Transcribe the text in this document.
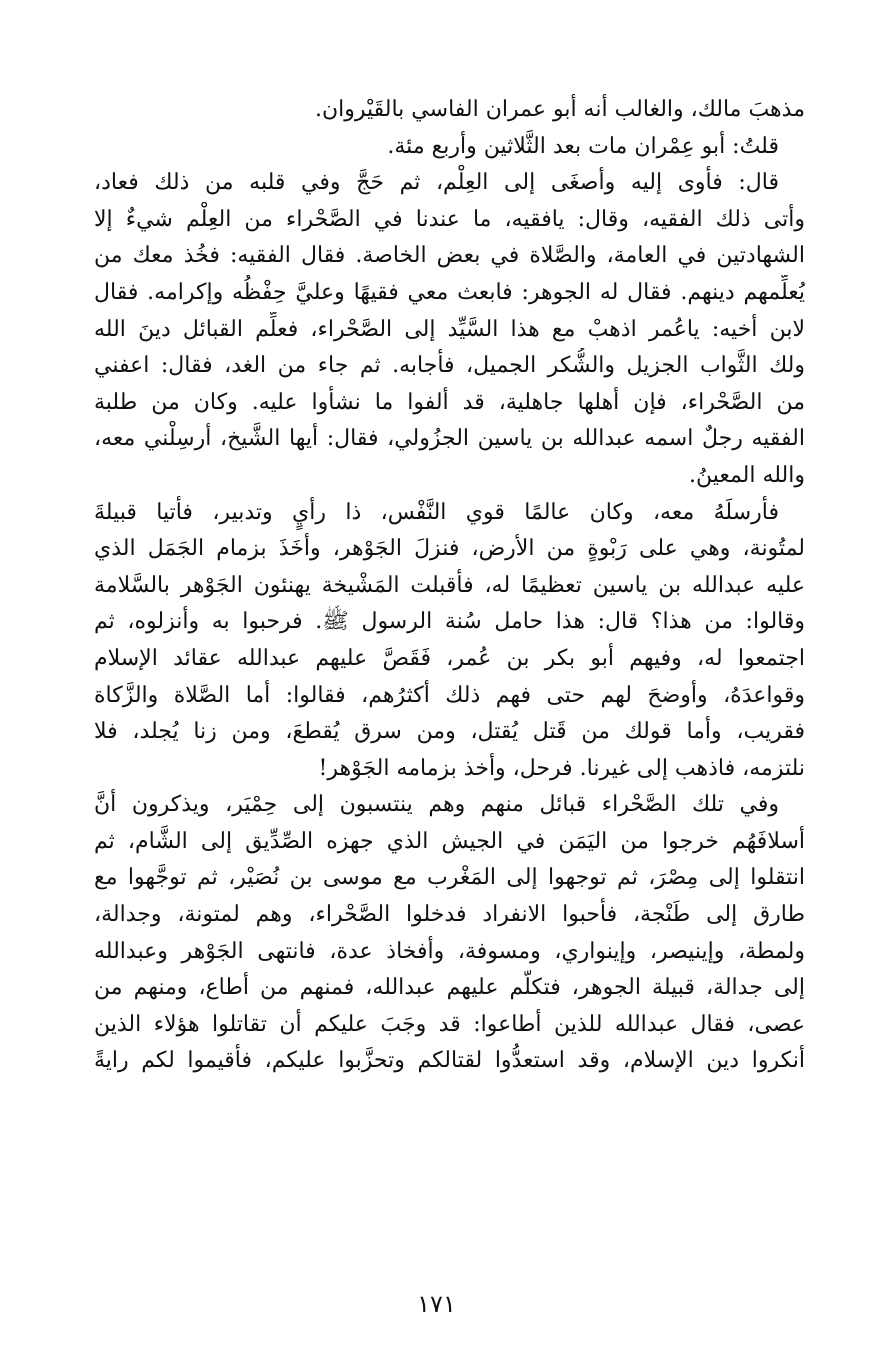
مذهبَ مالك، والغالب أنه أبو عمران الفاسي بالقَيْروان.
قلتُ: أبو عِمْران مات بعد الثَّلاثين وأربع مئة.
قال: فأوى إليه وأصغَى إلى العِلْم، ثم حَجَّ وفي قلبه من ذلك فعاد،
وأتى ذلك الفقيه، وقال: يافقيه، ما عندنا في الصَّحْراء من العِلْم شيءٌ إلا
الشهادتين في العامة، والصَّلاة في بعض الخاصة. فقال الفقيه: فخُذ معك من
يُعلِّمهم دينهم. فقال له الجوهر: فابعث معي فقيهًا وعليَّ حِفْظُه وإكرامه. فقال
لابن أخيه: ياعُمر اذهبْ مع هذا السَّيِّد إلى الصَّحْراء، فعلِّم القبائل دينَ الله
ولك الثَّواب الجزيل والشُّكر الجميل، فأجابه. ثم جاء من الغد، فقال: اعفني
من الصَّحْراء، فإن أهلها جاهلية، قد ألفوا ما نشأوا عليه. وكان من طلبة
الفقيه رجلٌ اسمه عبدالله بن ياسين الجزُولي، فقال: أيها الشَّيخ، أرسِلْني معه،
والله المعينُ.
فأرسلَهُ معه، وكان عالمًا قوي النَّفْس، ذا رأيٍ وتدبير، فأتيا قبيلةَ
لمتُونة، وهي على رَبْوةٍ من الأرض، فنزلَ الجَوْهر، وأخَذَ بزمام الجَمَل الذي
عليه عبدالله بن ياسين تعظيمًا له، فأقبلت المَشْيخة يهنئون الجَوْهر بالسَّلامة
وقالوا: من هذا؟ قال: هذا حامل سُنة الرسول ﷺ. فرحبوا به وأنزلوه، ثم
اجتمعوا له، وفيهم أبو بكر بن عُمر، فَقَصَّ عليهم عبدالله عقائد الإسلام
وقواعدَهُ، وأوضحَ لهم حتى فهم ذلك أكثرُهم، فقالوا: أما الصَّلاة والزَّكاة
فقريب، وأما قولك من قَتل يُقتل، ومن سرق يُقطعَ، ومن زنا يُجلد، فلا
نلتزمه، فاذهب إلى غيرنا. فرحل، وأخذ بزمامه الجَوْهر!
وفي تلك الصَّحْراء قبائل منهم وهم ينتسبون إلى حِمْيَر، ويذكرون أنَّ
أسلافَهُم خرجوا من اليَمَن في الجيش الذي جهزه الصِّدِّيق إلى الشَّام، ثم
انتقلوا إلى مِصْرَ، ثم توجهوا إلى المَغْرب مع موسى بن نُصَيْر، ثم توجَّهوا مع
طارق إلى طَنْجة، فأحبوا الانفراد فدخلوا الصَّحْراء، وهم لمتونة، وجدالة،
ولمطة، وإينيصر، وإينواري، ومسوفة، وأفخاذ عدة، فانتهى الجَوْهر وعبدالله
إلى جدالة، قبيلة الجوهر، فتكلَّم عليهم عبدالله، فمنهم من أطاع، ومنهم من
عصى، فقال عبدالله للذين أطاعوا: قد وجَبَ عليكم أن تقاتلوا هؤلاء الذين
أنكروا دين الإسلام، وقد استعدُّوا لقتالكم وتحزَّبوا عليكم، فأقيموا لكم رايةً
١٧١
